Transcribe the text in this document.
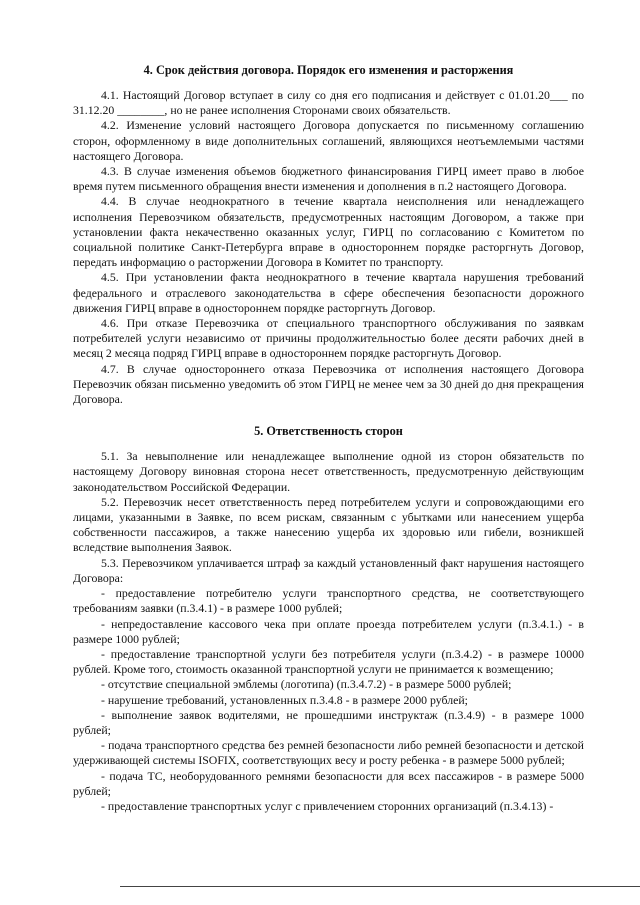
4. Срок действия договора. Порядок его изменения и расторжения

4.1. Настоящий Договор вступает в силу со дня его подписания и действует с 01.01.20___ по 31.12.20 ________, но не ранее исполнения Сторонами своих обязательств.

4.2. Изменение условий настоящего Договора допускается по письменному соглашению сторон, оформленному в виде дополнительных соглашений, являющихся неотъемлемыми частями настоящего Договора.

4.3. В случае изменения объемов бюджетного финансирования ГИРЦ имеет право в любое время путем письменного обращения внести изменения и дополнения в п.2 настоящего Договора.

4.4. В случае неоднократного в течение квартала неисполнения или ненадлежащего исполнения Перевозчиком обязательств, предусмотренных настоящим Договором, а также при установлении факта некачественно оказанных услуг, ГИРЦ по согласованию с Комитетом по социальной политике Санкт-Петербурга вправе в одностороннем порядке расторгнуть Договор, передать информацию о расторжении Договора в Комитет по транспорту.

4.5. При установлении факта неоднократного в течение квартала нарушения требований федерального и отраслевого законодательства в сфере обеспечения безопасности дорожного движения ГИРЦ вправе в одностороннем порядке расторгнуть Договор.

4.6. При отказе Перевозчика от специального транспортного обслуживания по заявкам потребителей услуги независимо от причины продолжительностью более десяти рабочих дней в месяц 2 месяца подряд ГИРЦ вправе в одностороннем порядке расторгнуть Договор.

4.7. В случае одностороннего отказа Перевозчика от исполнения настоящего Договора Перевозчик обязан письменно уведомить об этом ГИРЦ не менее чем за 30 дней до дня прекращения Договора.

5. Ответственность сторон

5.1. За невыполнение или ненадлежащее выполнение одной из сторон обязательств по настоящему Договору виновная сторона несет ответственность, предусмотренную действующим законодательством Российской Федерации.

5.2. Перевозчик несет ответственность перед потребителем услуги и сопровождающими его лицами, указанными в Заявке, по всем рискам, связанным с убытками или нанесением ущерба собственности пассажиров, а также нанесению ущерба их здоровью или гибели, возникшей вследствие выполнения Заявок.

5.3. Перевозчиком уплачивается штраф за каждый установленный факт нарушения настоящего Договора:

- предоставление потребителю услуги транспортного средства, не соответствующего требованиям заявки (п.3.4.1) - в размере 1000 рублей;

- непредоставление кассового чека при оплате проезда потребителем услуги (п.3.4.1.) - в размере 1000 рублей;

- предоставление транспортной услуги без потребителя услуги (п.3.4.2) - в размере 10000 рублей. Кроме того, стоимость оказанной транспортной услуги не принимается к возмещению;

- отсутствие специальной эмблемы (логотипа) (п.3.4.7.2) - в размере 5000 рублей;

- нарушение требований, установленных п.3.4.8 - в размере 2000 рублей;

- выполнение заявок водителями, не прошедшими инструктаж (п.3.4.9) - в размере 1000 рублей;

- подача транспортного средства без ремней безопасности либо ремней безопасности и детской удерживающей системы ISOFIX, соответствующих весу и росту ребенка - в размере 5000 рублей;

- подача ТС, необорудованного ремнями безопасности для всех пассажиров - в размере 5000 рублей;

- предоставление транспортных услуг с привлечением сторонних организаций (п.3.4.13) -
